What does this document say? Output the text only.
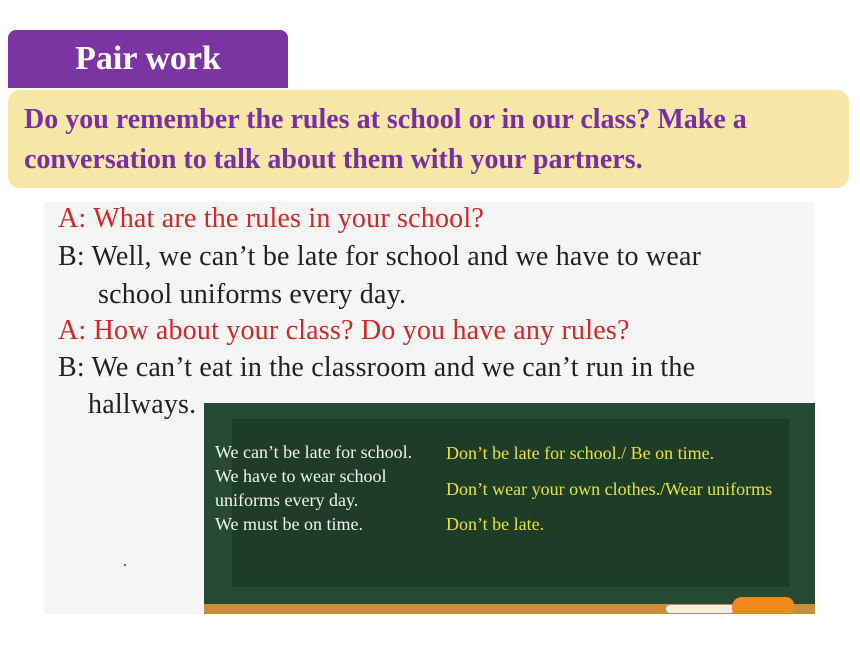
Pair work
Do you remember the rules at school or in our class? Make a
conversation to talk about them with your partners.
A: What are the rules in your school?
B: Well, we can’t be late for school and we have to wear
school uniforms every day.
A: How about your class? Do you have any rules?
B: We can’t eat in the classroom and we can’t run in the
hallways.
.
We can’t be late for school.
We have to wear school
uniforms every day.
We must be on time.
Don’t be late for school./ Be on time.
Don’t wear your own clothes./Wear uniforms
Don’t be late.
